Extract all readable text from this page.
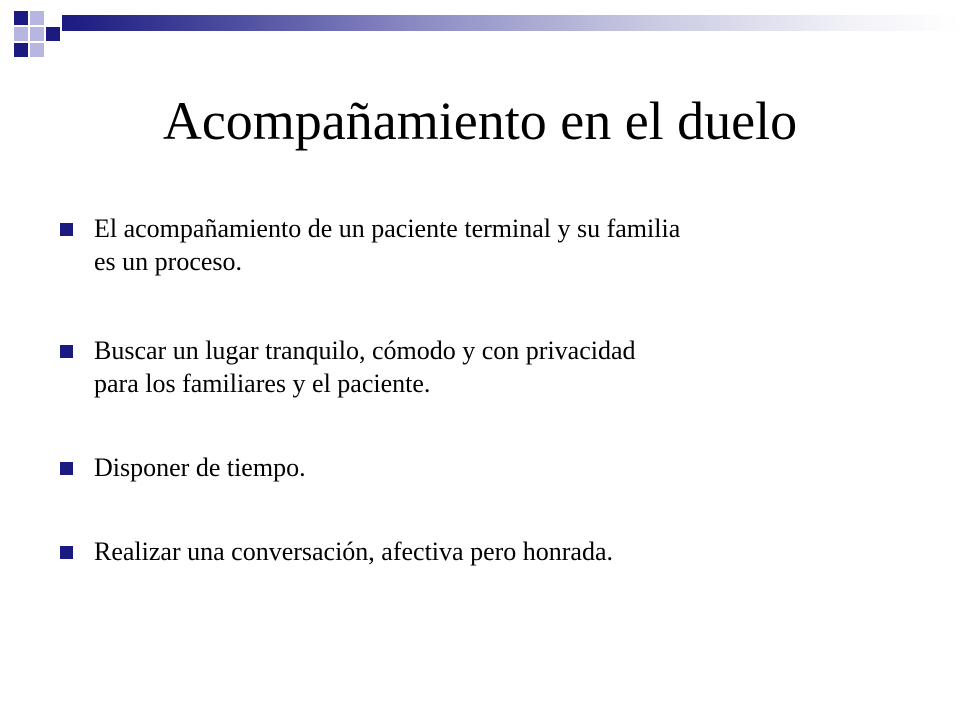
Acompañamiento en el duelo
El acompañamiento de un paciente terminal y su familia
es un proceso.
Buscar un lugar tranquilo, cómodo y con privacidad
para los familiares y el paciente.
Disponer de tiempo.
Realizar una conversación, afectiva pero honrada.
